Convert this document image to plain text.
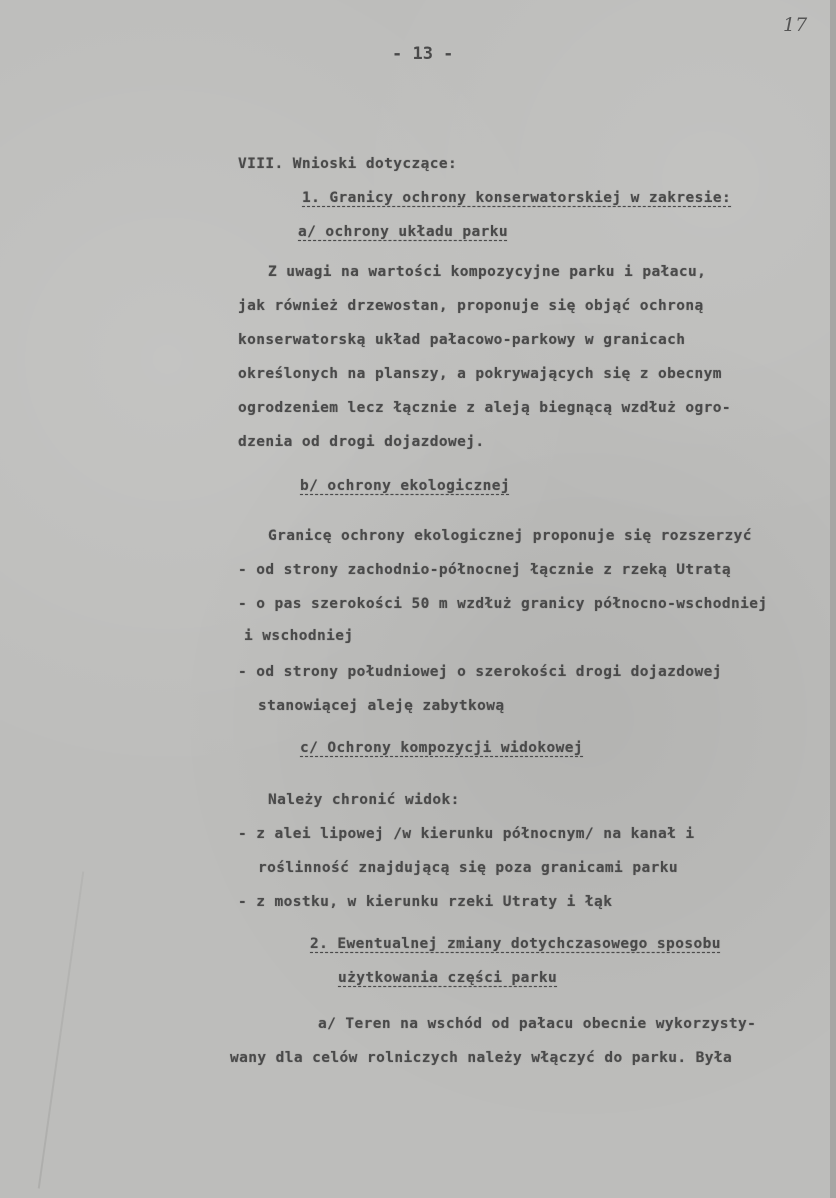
17
- 13 -
VIII. Wnioski dotyczące:
1. Granicy ochrony konserwatorskiej w zakresie:
a/ ochrony układu parku
Z uwagi na wartości kompozycyjne parku i pałacu,
jak również drzewostan, proponuje się objąć ochroną
konserwatorską układ pałacowo-parkowy w granicach
określonych na planszy, a pokrywających się z obecnym
ogrodzeniem lecz łącznie z aleją biegnącą wzdłuż ogro-
dzenia od drogi dojazdowej.
b/ ochrony ekologicznej
Granicę ochrony ekologicznej proponuje się rozszerzyć
- od strony zachodnio-północnej łącznie z rzeką Utratą
- o pas szerokości 50 m wzdłuż granicy północno-wschodniej
i wschodniej
- od strony południowej o szerokości drogi dojazdowej
stanowiącej aleję zabytkową
c/ Ochrony kompozycji widokowej
Należy chronić widok:
- z alei lipowej /w kierunku północnym/ na kanał i
roślinność znajdującą się poza granicami parku
- z mostku, w kierunku rzeki Utraty i łąk
2. Ewentualnej zmiany dotychczasowego sposobu
użytkowania części parku
a/ Teren na wschód od pałacu obecnie wykorzysty-
wany dla celów rolniczych należy włączyć do parku. Była
